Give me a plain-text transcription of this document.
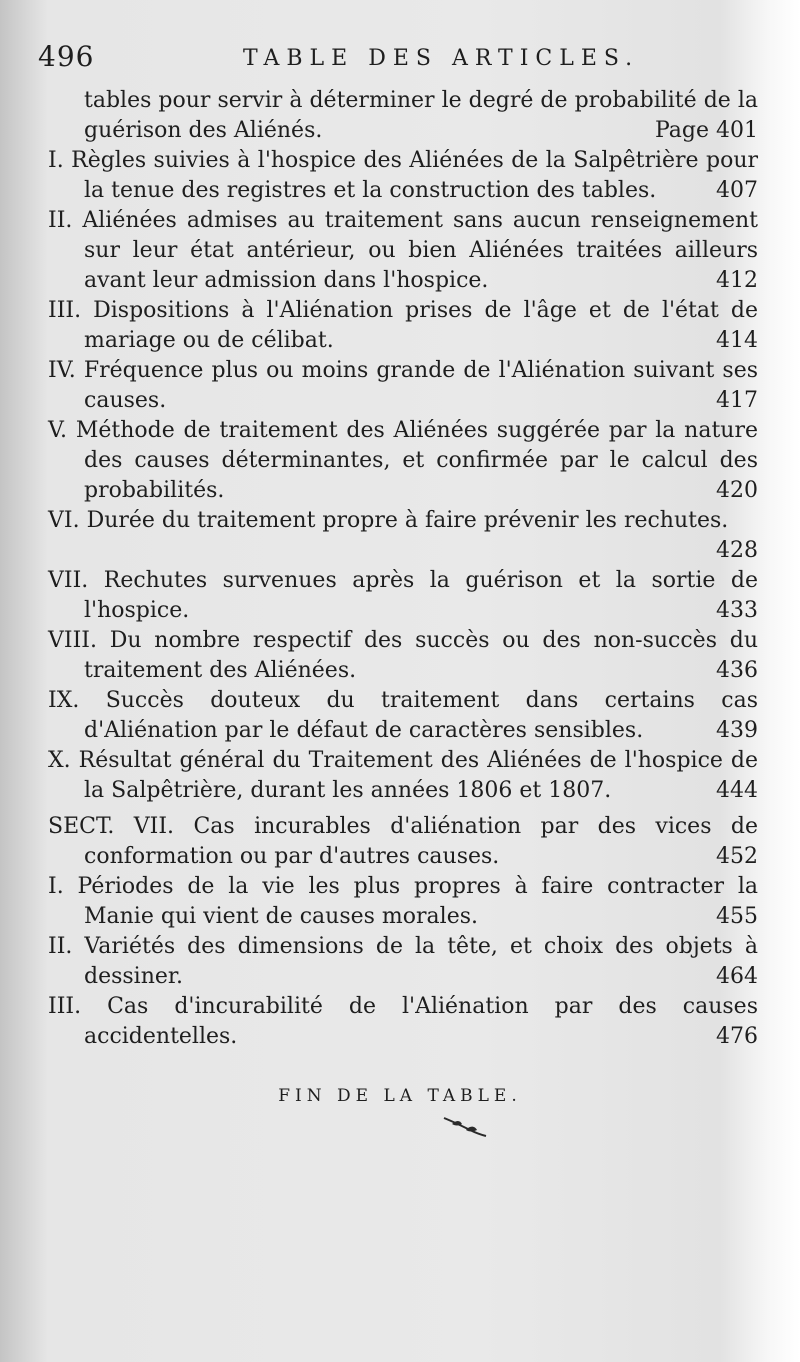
496	TABLE DES ARTICLES.

tables pour servir à déterminer le degré de probabilité de la guérison des Aliénés.	Page 401

I. Règles suivies à l'hospice des Aliénées de la Salpêtrière pour la tenue des registres et la construction des tables.	407

II. Aliénées admises au traitement sans aucun renseignement sur leur état antérieur, ou bien Aliénées traitées ailleurs avant leur admission dans l'hospice.	412

III. Dispositions à l'Aliénation prises de l'âge et de l'état de mariage ou de célibat.	414

IV. Fréquence plus ou moins grande de l'Aliénation suivant ses causes.	417

V. Méthode de traitement des Aliénées suggérée par la nature des causes déterminantes, et confirmée par le calcul des probabilités.	420

VI. Durée du traitement propre à faire prévenir les rechutes.
428

VII. Rechutes survenues après la guérison et la sortie de l'hospice.	433

VIII. Du nombre respectif des succès ou des non-succès du traitement des Aliénées.	436

IX. Succès douteux du traitement dans certains cas d'Aliénation par le défaut de caractères sensibles.	439

X. Résultat général du Traitement des Aliénées de l'hospice de la Salpêtrière, durant les années 1806 et 1807.	444

SECT. VII. Cas incurables d'aliénation par des vices de conformation ou par d'autres causes.	452

I. Périodes de la vie les plus propres à faire contracter la Manie qui vient de causes morales.	455

II. Variétés des dimensions de la tête, et choix des objets à dessiner.	464

III. Cas d'incurabilité de l'Aliénation par des causes accidentelles.	476

FIN DE LA TABLE.
